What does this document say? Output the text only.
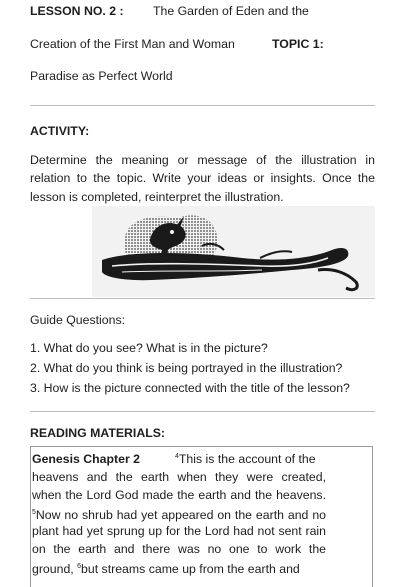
LESSON NO. 2 : The Garden of Eden and the
Creation of the First Man and Woman	TOPIC 1:
Paradise as Perfect World
ACTIVITY:
Determine the meaning or message of the illustration in
relation to the topic. Write your ideas or insights. Once the
lesson is completed, reinterpret the illustration.
Guide Questions:
1. What do you see? What is in the picture?
2. What do you think is being portrayed in the illustration?
3. How is the picture connected with the title of the lesson?
READING MATERIALS:
Genesis Chapter 2	$^4$This is the account of the
heavens and the earth when they were created,
when the Lord God made the earth and the heavens.
$^5$Now no shrub had yet appeared on the earth and no
plant had yet sprung up for the Lord had not sent rain
on the earth and there was no one to work the
ground, $^6$but streams came up from the earth and
